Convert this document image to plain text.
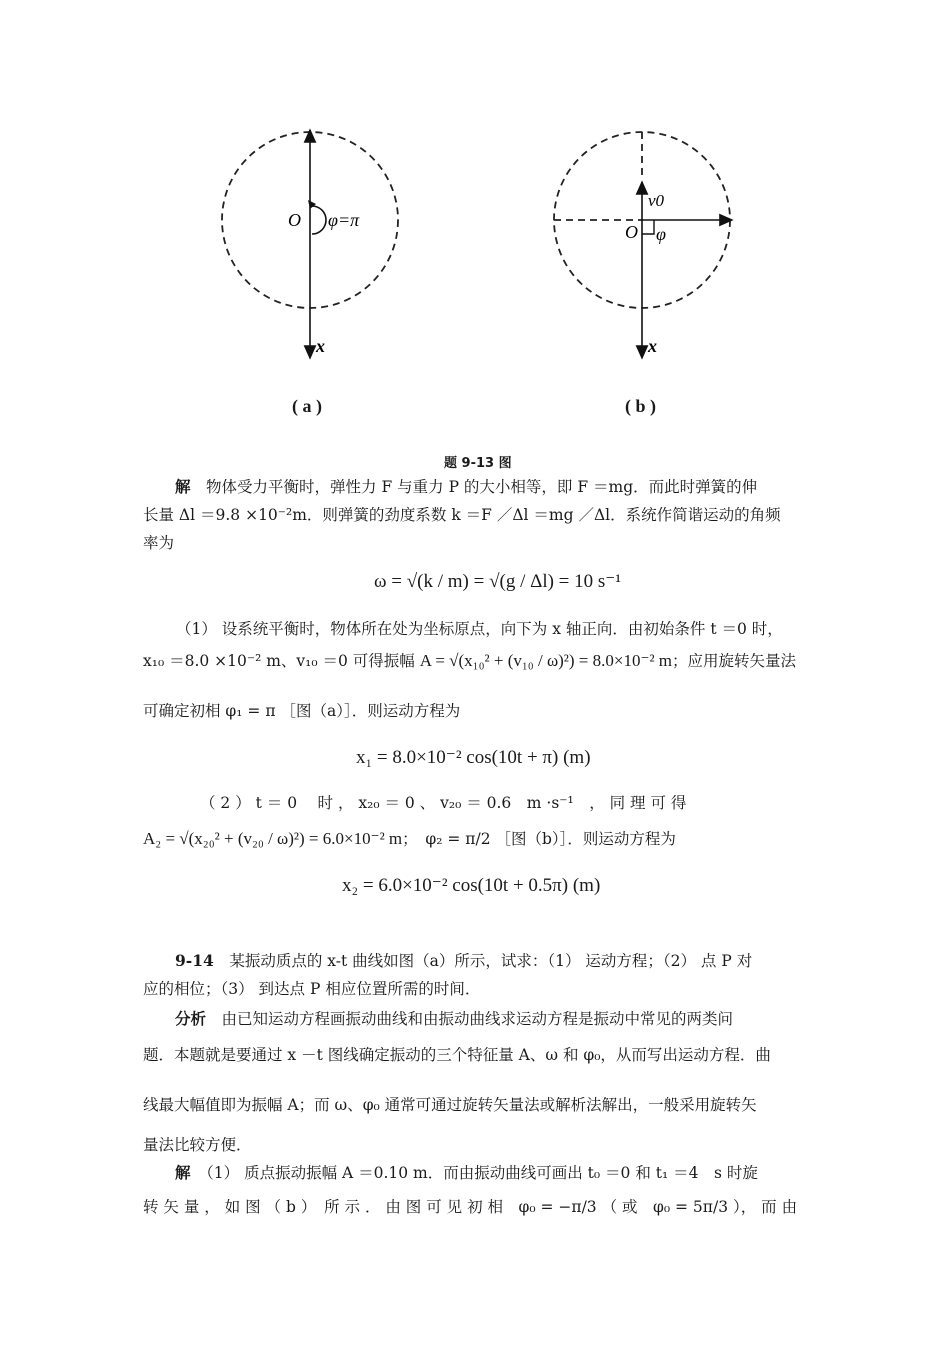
O φ=π
x
( a )
O
v0
φ
x
( b )
题 9-13 图
解　 物体受力平衡时，弹性力 F 与重力 P 的大小相等，即 F ＝mg．而此时弹簧的伸
长量 Δl ＝9.8 ×10⁻²m．则弹簧的劲度系数 k ＝F ／Δl ＝mg ／Δl．系统作简谐运动的角频
率为
ω = √(k / m) = √(g / Δl) = 10 s⁻¹
（1） 设系统平衡时，物体所在处为坐标原点，向下为 x 轴正向．由初始条件 t ＝0 时，
x₁₀ ＝8.0 ×10⁻² m、v₁₀ ＝0 可得振幅 A = √(x₁₀² + (v₁₀ / ω)²) = 8.0×10⁻² m；应用旋转矢量法
可确定初相 φ₁ = π ［图（a）］．则运动方程为
x₁ = 8.0×10⁻² cos(10t + π) (m)
（ 2 ） t ＝ 0　 时 ， x₂₀ ＝ 0 、 v₂₀ ＝ 0.6　m ·s⁻¹　， 同 理 可 得
A₂ = √(x₂₀² + (v₂₀ / ω)²) = 6.0×10⁻² m；　φ₂ = π/2 ［图（b）］．则运动方程为
x₂ = 6.0×10⁻² cos(10t + 0.5π) (m)
9-14　 某振动质点的 x-t 曲线如图（a）所示，试求：（1） 运动方程；（2） 点 P 对
应的相位；（3） 到达点 P 相应位置所需的时间．
分析　 由已知运动方程画振动曲线和由振动曲线求运动方程是振动中常见的两类问
题．本题就是要通过 x －t 图线确定振动的三个特征量 A、ω 和 φ₀，从而写出运动方程．曲
线最大幅值即为振幅 A；而 ω、φ₀ 通常可通过旋转矢量法或解析法解出，一般采用旋转矢
量法比较方便．
解　 （1） 质点振动振幅 A ＝0.10 m．而由振动曲线可画出 t₀ ＝0 和 t₁ ＝4　s 时旋
转 矢 量 ， 如 图 （ b ）　所 示 ． 由 图 可 见 初 相　φ₀ = −π/3 （ 或　φ₀ = 5π/3 ）， 而 由
